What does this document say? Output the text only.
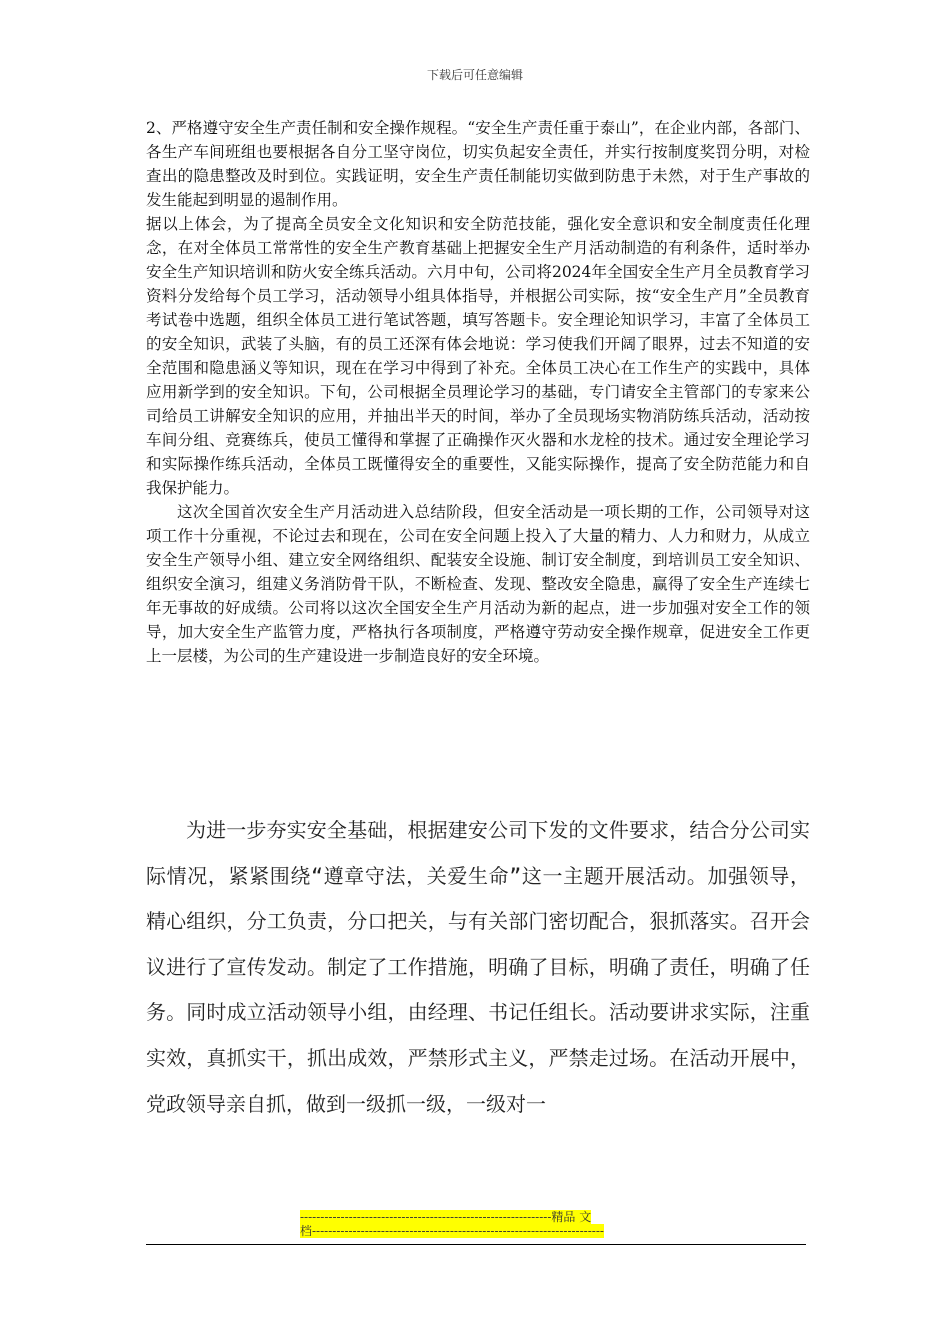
下载后可任意编辑

2、严格遵守安全生产责任制和安全操作规程。“安全生产责任重于泰山”，在企业内部，各部门、各生产车间班组也要根据各自分工坚守岗位，切实负起安全责任，并实行按制度奖罚分明，对检查出的隐患整改及时到位。实践证明，安全生产责任制能切实做到防患于未然，对于生产事故的发生能起到明显的遏制作用。

据以上体会，为了提高全员安全文化知识和安全防范技能，强化安全意识和安全制度责任化理念，在对全体员工常常性的安全生产教育基础上把握安全生产月活动制造的有利条件，适时举办安全生产知识培训和防火安全练兵活动。六月中旬，公司将2024年全国安全生产月全员教育学习资料分发给每个员工学习，活动领导小组具体指导，并根据公司实际，按“安全生产月”全员教育考试卷中选题，组织全体员工进行笔试答题，填写答题卡。安全理论知识学习，丰富了全体员工的安全知识，武装了头脑，有的员工还深有体会地说：学习使我们开阔了眼界，过去不知道的安全范围和隐患涵义等知识，现在在学习中得到了补充。全体员工决心在工作生产的实践中，具体应用新学到的安全知识。下旬，公司根据全员理论学习的基础，专门请安全主管部门的专家来公司给员工讲解安全知识的应用，并抽出半天的时间，举办了全员现场实物消防练兵活动，活动按车间分组、竞赛练兵，使员工懂得和掌握了正确操作灭火器和水龙栓的技术。通过安全理论学习和实际操作练兵活动，全体员工既懂得安全的重要性，又能实际操作，提高了安全防范能力和自我保护能力。

这次全国首次安全生产月活动进入总结阶段，但安全活动是一项长期的工作，公司领导对这项工作十分重视，不论过去和现在，公司在安全问题上投入了大量的精力、人力和财力，从成立安全生产领导小组、建立安全网络组织、配装安全设施、制订安全制度，到培训员工安全知识、组织安全演习，组建义务消防骨干队，不断检查、发现、整改安全隐患，赢得了安全生产连续七年无事故的好成绩。公司将以这次全国安全生产月活动为新的起点，进一步加强对安全工作的领导，加大安全生产监管力度，严格执行各项制度，严格遵守劳动安全操作规章，促进安全工作更上一层楼，为公司的生产建设进一步制造良好的安全环境。

为进一步夯实安全基础，根据建安公司下发的文件要求，结合分公司实际情况，紧紧围绕“遵章守法，关爱生命”这一主题开展活动。加强领导，精心组织，分工负责，分口把关，与有关部门密切配合，狠抓落实。召开会议进行了宣传发动。制定了工作措施，明确了目标，明确了责任，明确了任务。同时成立活动领导小组，由经理、书记任组长。活动要讲求实际，注重实效，真抓实干，抓出成效，严禁形式主义，严禁走过场。在活动开展中，党政领导亲自抓，做到一级抓一级，一级对一

--------------------------------------------------------------精品 文
档------------------------------------------------------------------------
